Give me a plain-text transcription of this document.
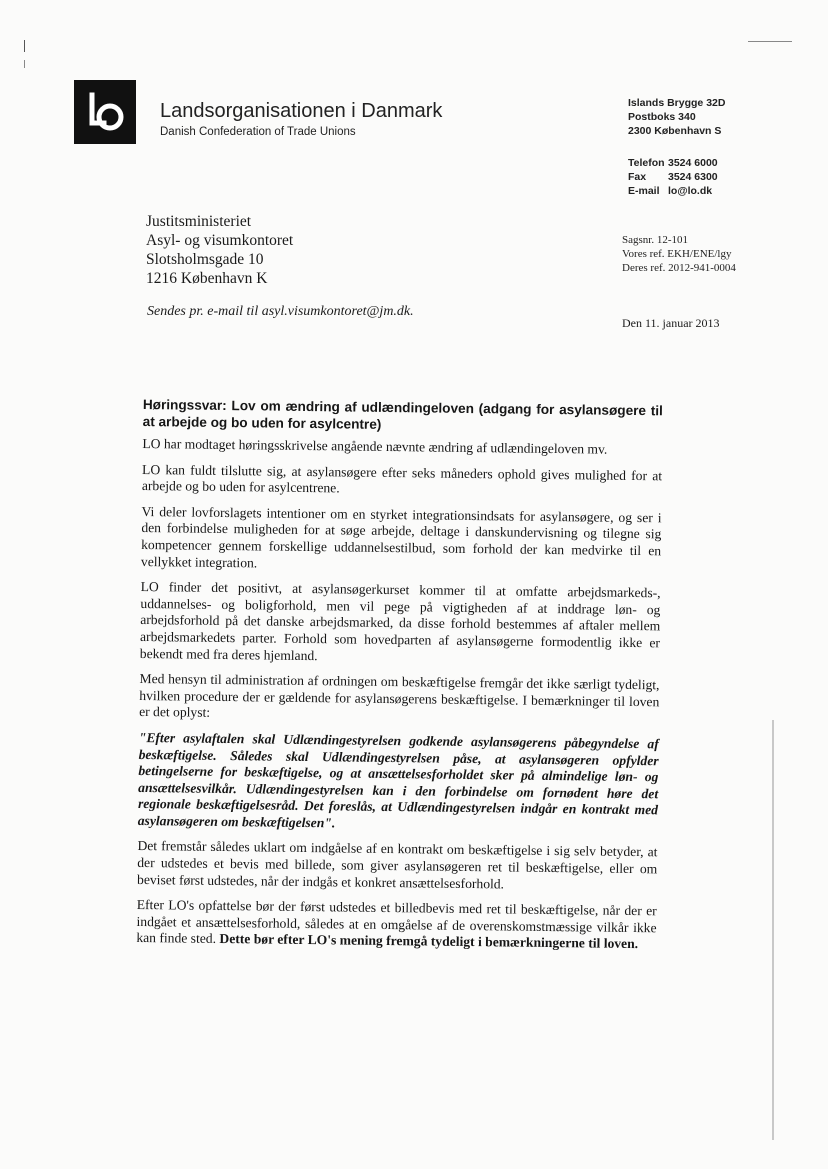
Landsorganisationen i Danmark
Danish Confederation of Trade Unions
Islands Brygge 32D
Postboks 340
2300 København S
Telefon 3524 6000
Fax 3524 6300
E-mail lo@lo.dk
Justitsministeriet
Asyl- og visumkontoret
Slotsholmsgade 10
1216 København K
Sagsnr. 12-101
Vores ref. EKH/ENE/lgy
Deres ref. 2012-941-0004
Sendes pr. e-mail til asyl.visumkontoret@jm.dk.
Den 11. januar 2013

Høringssvar: Lov om ændring af udlændingeloven (adgang for asylansøgere til at arbejde og bo uden for asylcentre)

LO har modtaget høringsskrivelse angående nævnte ændring af udlændingeloven mv.

LO kan fuldt tilslutte sig, at asylansøgere efter seks måneders ophold gives mulighed for at arbejde og bo uden for asylcentrene.

Vi deler lovforslagets intentioner om en styrket integrationsindsats for asylansøgere, og ser i den forbindelse muligheden for at søge arbejde, deltage i danskundervisning og tilegne sig kompetencer gennem forskellige uddannelsestilbud, som forhold der kan medvirke til en vellykket integration.

LO finder det positivt, at asylansøgerkurset kommer til at omfatte arbejdsmarkeds-, uddannelses- og boligforhold, men vil pege på vigtigheden af at inddrage løn- og arbejdsforhold på det danske arbejdsmarked, da disse forhold bestemmes af aftaler mellem arbejdsmarkedets parter. Forhold som hovedparten af asylansøgerne formodentlig ikke er bekendt med fra deres hjemland.

Med hensyn til administration af ordningen om beskæftigelse fremgår det ikke særligt tydeligt, hvilken procedure der er gældende for asylansøgerens beskæftigelse. I bemærkninger til loven er det oplyst:

"Efter asylaftalen skal Udlændingestyrelsen godkende asylansøgerens påbegyndelse af beskæftigelse. Således skal Udlændingestyrelsen påse, at asylansøgeren opfylder betingelserne for beskæftigelse, og at ansættelsesforholdet sker på almindelige løn- og ansættelsesvilkår. Udlændingestyrelsen kan i den forbindelse om fornødent høre det regionale beskæftigelsesråd. Det foreslås, at Udlændingestyrelsen indgår en kontrakt med asylansøgeren om beskæftigelsen".

Det fremstår således uklart om indgåelse af en kontrakt om beskæftigelse i sig selv betyder, at der udstedes et bevis med billede, som giver asylansøgeren ret til beskæftigelse, eller om beviset først udstedes, når der indgås et konkret ansættelsesforhold.

Efter LO's opfattelse bør der først udstedes et billedbevis med ret til beskæftigelse, når der er indgået et ansættelsesforhold, således at en omgåelse af de overenskomstmæssige vilkår ikke kan finde sted. Dette bør efter LO's mening fremgå tydeligt i bemærkningerne til loven.
